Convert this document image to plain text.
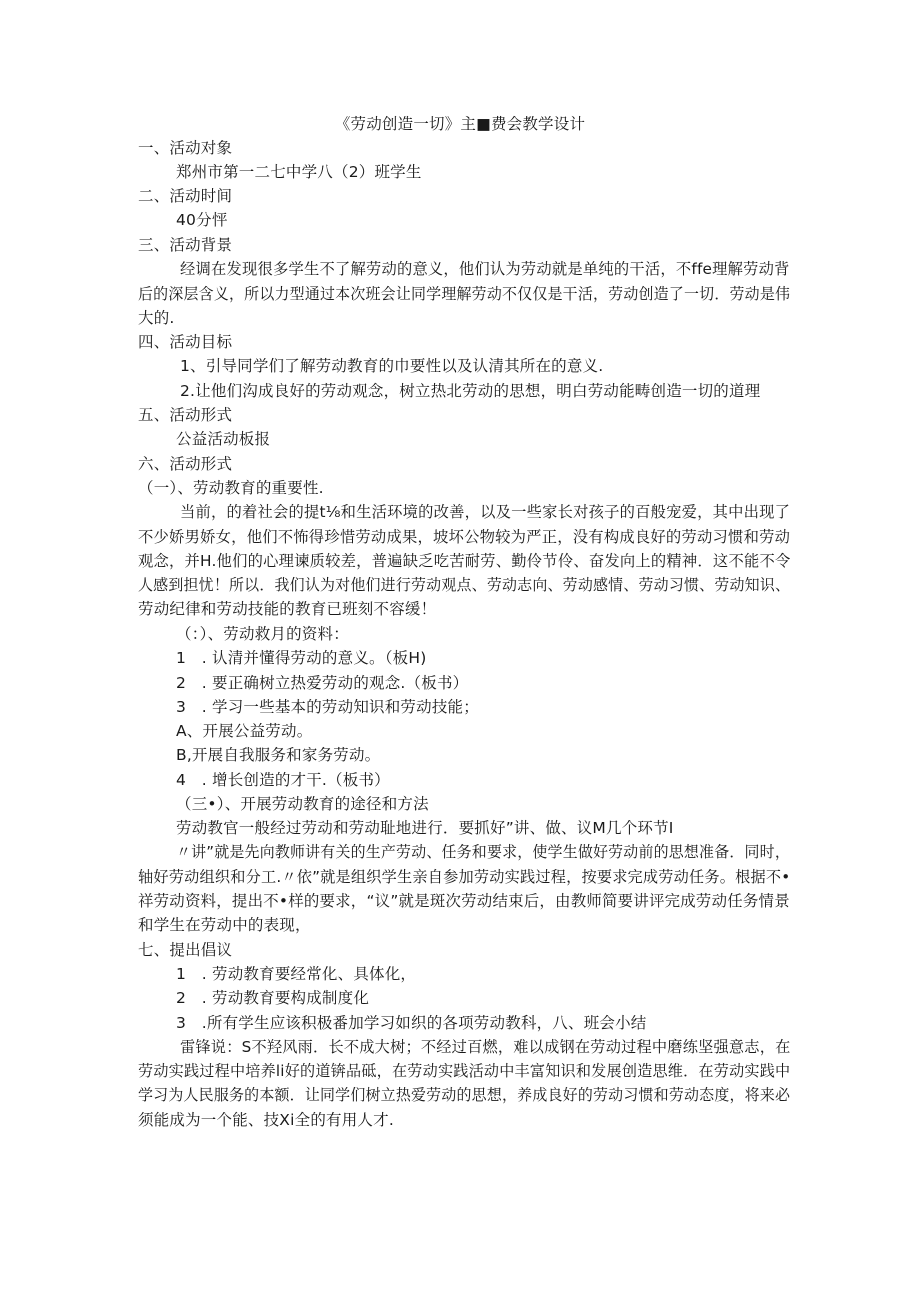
《劳动创造一切》主■费会教学设计
一、活动对象
郑州市第一二七中学八（2）班学生
二、活动时间
40分怦
三、活动背景
经调在发现很多学生不了解劳动的意义，他们认为劳动就是单纯的干活，不ffe理解劳动背
后的深层含义，所以力型通过本次班会让同学理解劳动不仅仅是干活，劳动创造了一切．劳动是伟
大的.
四、活动目标
1、引导同学们了解劳动教育的巾要性以及认清其所在的意义.
2.让他们沟成良好的劳动观念，树立热北劳动的思想，明白劳动能畴创造一切的道理
五、活动形式
公益活动板报
六、活动形式
（一）、劳动教育的重要性.
当前，的着社会的提t⅛和生活环境的改善，以及一些家长对孩子的百般宠爱，其中出现了
不少娇男娇女，他们不怖得珍惜劳动成果，坡坏公物较为严正，没有构成良好的劳动习惯和劳动
观念，并H.他们的心理谏质较差，普遍缺乏吃苦耐劳、勤伶节伶、奋发向上的精神．这不能不令
人感到担忧！所以．我们认为对他们进行劳动观点、劳动志向、劳动感情、劳动习惯、劳动知识、
劳动纪律和劳动技能的教育已班刻不容缓！
（：）、劳动救月的资料：
1　. 认清并懂得劳动的意义。（板H)
2　. 要正确树立热爱劳动的观念.（板书）
3　. 学习一些基本的劳动知识和劳动技能；
A、开展公益劳动。
B,开展自我服务和家务劳动。
4　. 增长创造的才干.（板书）
（三•）、开展劳动教育的途径和方法
劳动教官一般经过劳动和劳动耻地进行．要抓好”讲、做、议M几个环节I
〃讲”就是先向教师讲有关的生产劳动、任务和要求，使学生做好劳动前的思想准备．同时，
轴好劳动组织和分工.〃依”就是组织学生亲自参加劳动实践过程，按要求完成劳动任务。根据不•
祥劳动资料，提出不•样的要求，“议”就是斑次劳动结束后，由教师简要讲评完成劳动任务情景
和学生在劳动中的表现，
七、提出倡议
1　. 劳动教育要经常化、具体化，
2　. 劳动教育要构成制度化
3　.所有学生应该积极番加学习如织的各项劳动教科，八、班会小结
雷锋说：S不羟风雨．长不成大树；不经过百燃，难以成钢在劳动过程中磨练坚强意志，在
劳动实践过程中培养li好的道锛品砥，在劳动实践活动中丰富知识和发展创造思维．在劳动实践中
学习为人民服务的本额．让同学们树立热爱劳动的思想，养成良好的劳动习惯和劳动态度，将来必
须能成为一个能、技Xi全的有用人才.
